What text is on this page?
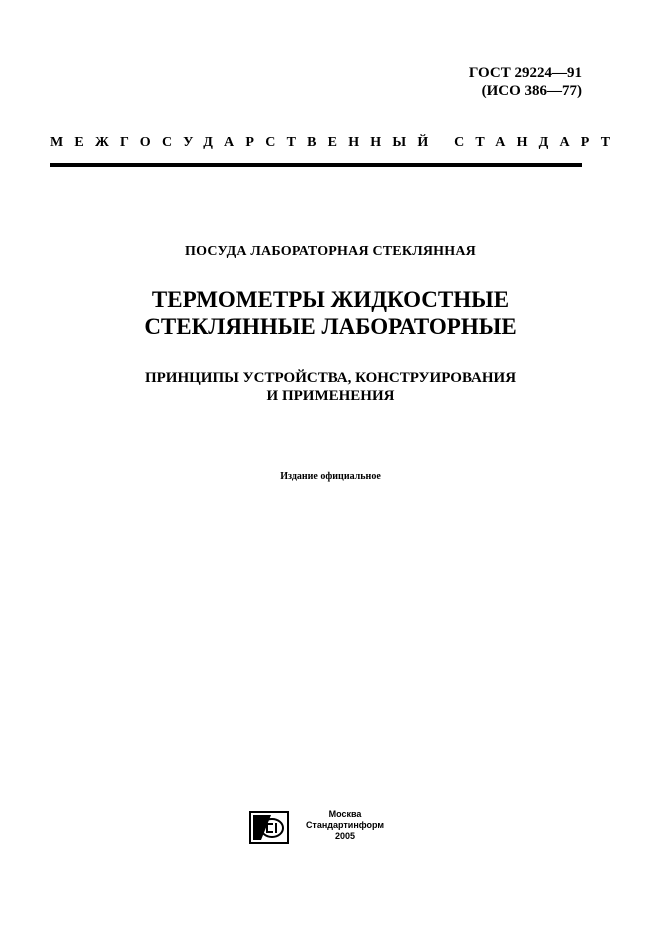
ГОСТ 29224—91
(ИСО 386—77)
МЕЖГОСУДАРСТВЕННЫЙ СТАНДАРТ
ПОСУДА ЛАБОРАТОРНАЯ СТЕКЛЯННАЯ
ТЕРМОМЕТРЫ ЖИДКОСТНЫЕ
СТЕКЛЯННЫЕ ЛАБОРАТОРНЫЕ
ПРИНЦИПЫ УСТРОЙСТВА, КОНСТРУИРОВАНИЯ
И ПРИМЕНЕНИЯ
Издание официальное
Москва
Стандартинформ
2005
